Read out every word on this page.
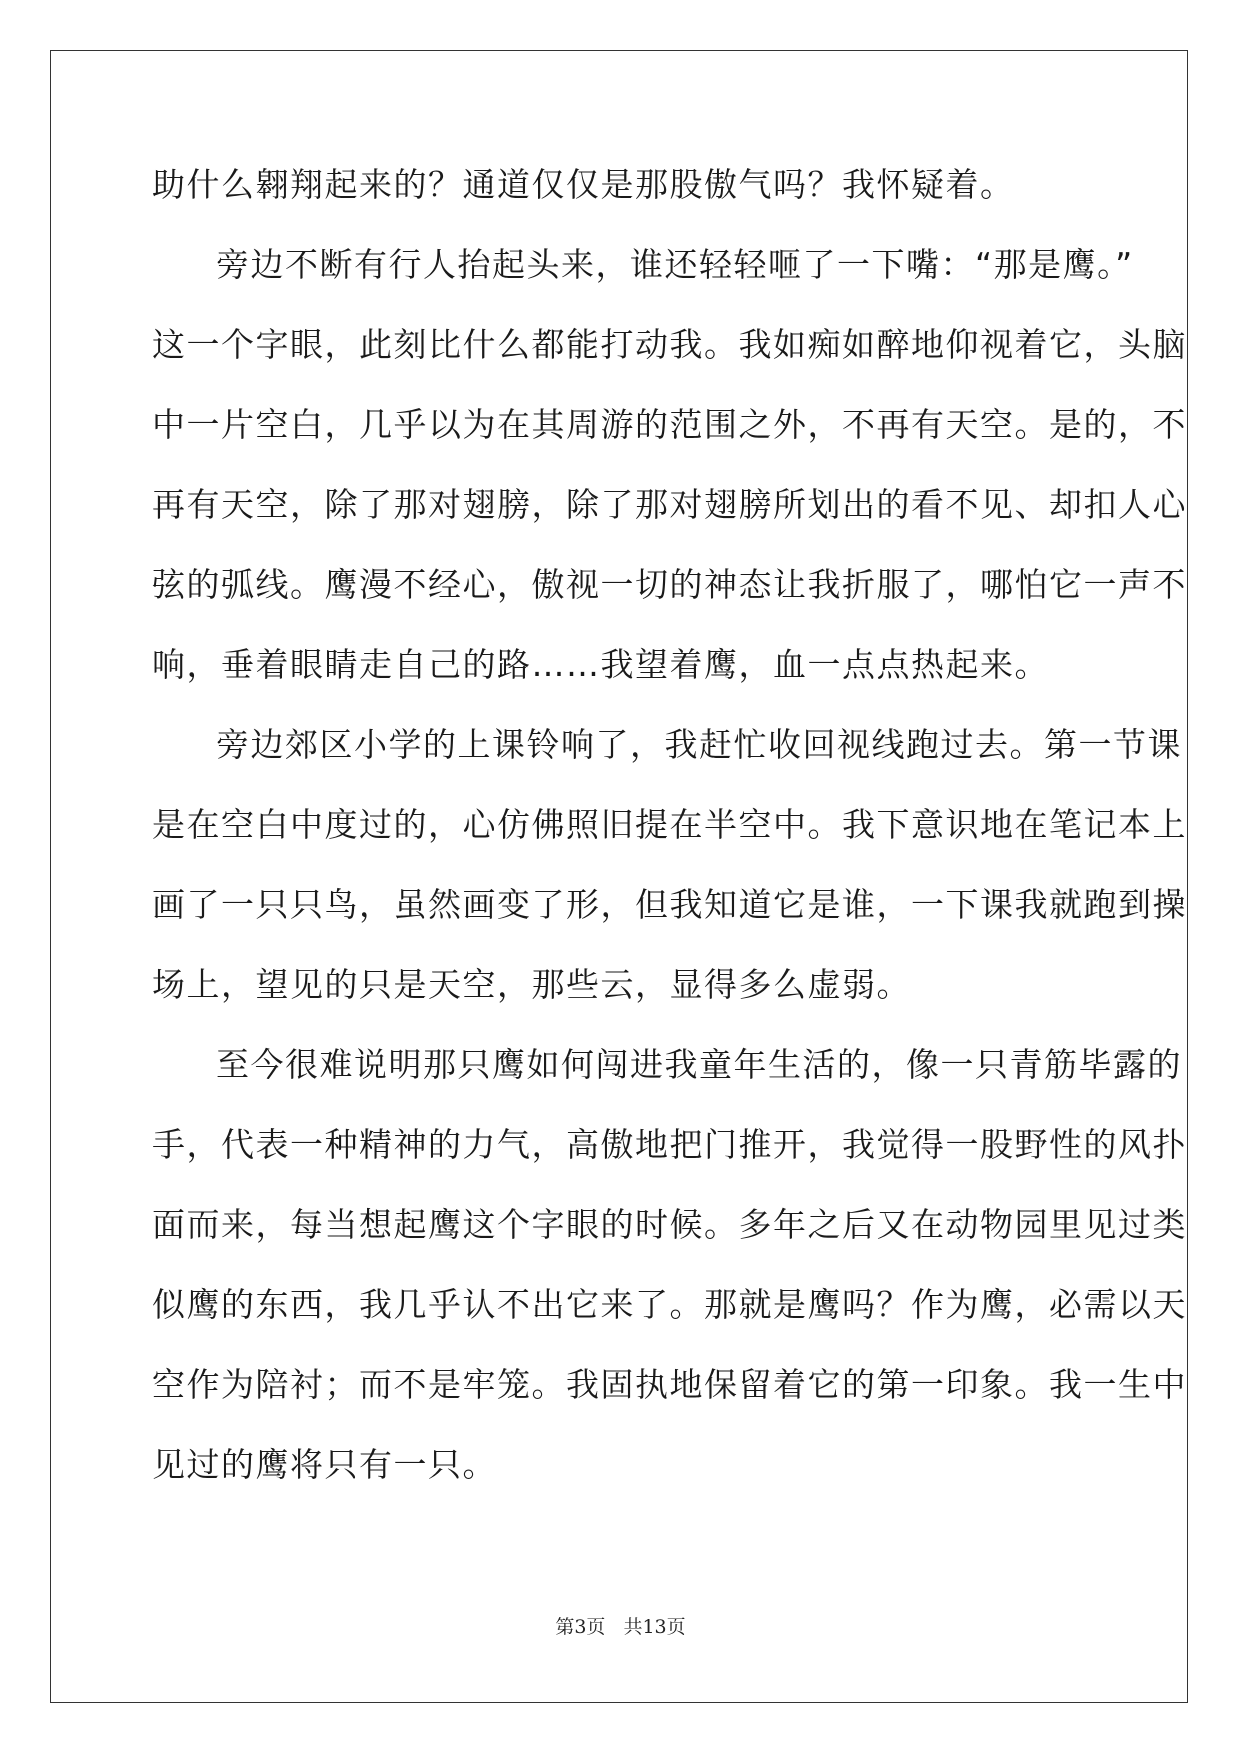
助什么翱翔起来的？通道仅仅是那股傲气吗？我怀疑着。
旁边不断有行人抬起头来，谁还轻轻咂了一下嘴：“那是鹰。”
这一个字眼，此刻比什么都能打动我。我如痴如醉地仰视着它，头脑
中一片空白，几乎以为在其周游的范围之外，不再有天空。是的，不
再有天空，除了那对翅膀，除了那对翅膀所划出的看不见、却扣人心
弦的弧线。鹰漫不经心，傲视一切的神态让我折服了，哪怕它一声不
响，垂着眼睛走自己的路……我望着鹰，血一点点热起来。
旁边郊区小学的上课铃响了，我赶忙收回视线跑过去。第一节课
是在空白中度过的，心仿佛照旧提在半空中。我下意识地在笔记本上
画了一只只鸟，虽然画变了形，但我知道它是谁，一下课我就跑到操
场上，望见的只是天空，那些云，显得多么虚弱。
至今很难说明那只鹰如何闯进我童年生活的，像一只青筋毕露的
手，代表一种精神的力气，高傲地把门推开，我觉得一股野性的风扑
面而来，每当想起鹰这个字眼的时候。多年之后又在动物园里见过类
似鹰的东西，我几乎认不出它来了。那就是鹰吗？作为鹰，必需以天
空作为陪衬；而不是牢笼。我固执地保留着它的第一印象。我一生中
见过的鹰将只有一只。
第3页 共13页
